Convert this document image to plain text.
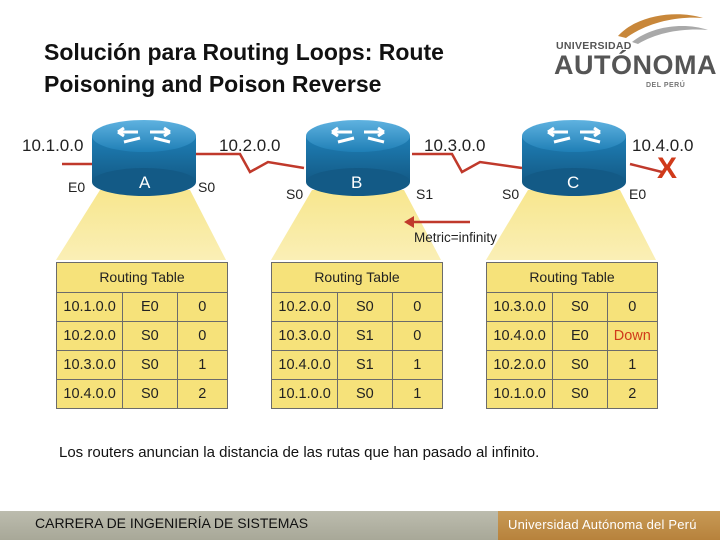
Solución para Routing Loops: Route
Poisoning and Poison Reverse
UNIVERSIDAD
AUTÓNOMA
DEL PERÚ
10.1.0.0	10.2.0.0	10.3.0.0	10.4.0.0
X
A	B	C
E0	S0	S0	S1	S0	E0
Metric=infinity
Routing Table
10.1.0.0	E0	0
10.2.0.0	S0	0
10.3.0.0	S0	1
10.4.0.0	S0	2
Routing Table
10.2.0.0	S0	0
10.3.0.0	S1	0
10.4.0.0	S1	1
10.1.0.0	S0	1
Routing Table
10.3.0.0	S0	0
10.4.0.0	E0	Down
10.2.0.0	S0	1
10.1.0.0	S0	2
Los routers anuncian la distancia de las rutas que han pasado al infinito.
CARRERA DE INGENIERÍA DE SISTEMAS	Universidad Autónoma del Perú
